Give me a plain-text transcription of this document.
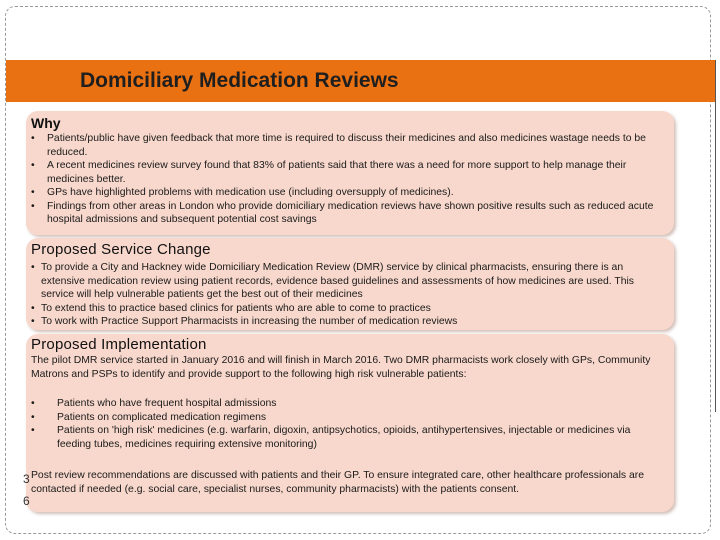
Domiciliary Medication Reviews
Why
• Patients/public have given feedback that more time is required to discuss their medicines and also medicines wastage needs to be reduced.
• A recent medicines review survey found that 83% of patients said that there was a need for more support to help manage their medicines better.
• GPs have highlighted problems with medication use (including oversupply of medicines).
• Findings from other areas in London who provide domiciliary medication reviews have shown positive results such as reduced acute hospital admissions and subsequent potential cost savings
Proposed Service Change
• To provide a City and Hackney wide Domiciliary Medication Review (DMR) service by clinical pharmacists, ensuring there is an extensive medication review using patient records, evidence based guidelines and assessments of how medicines are used. This service will help vulnerable patients get the best out of their medicines
• To extend this to practice based clinics for patients who are able to come to practices
• To work with Practice Support Pharmacists in increasing the number of medication reviews
Proposed Implementation

The pilot DMR service started in January 2016 and will finish in March 2016. Two DMR pharmacists work closely with GPs, Community Matrons and PSPs to identify and provide support to the following high risk vulnerable patients:

• Patients who have frequent hospital admissions
• Patients on complicated medication regimens
• Patients on 'high risk' medicines (e.g. warfarin, digoxin, antipsychotics, opioids, antihypertensives, injectable or medicines via feeding tubes, medicines requiring extensive monitoring)

Post review recommendations are discussed with patients and their GP. To ensure integrated care, other healthcare professionals are contacted if needed (e.g. social care, specialist nurses, community pharmacists) with the patients consent.

3
6
